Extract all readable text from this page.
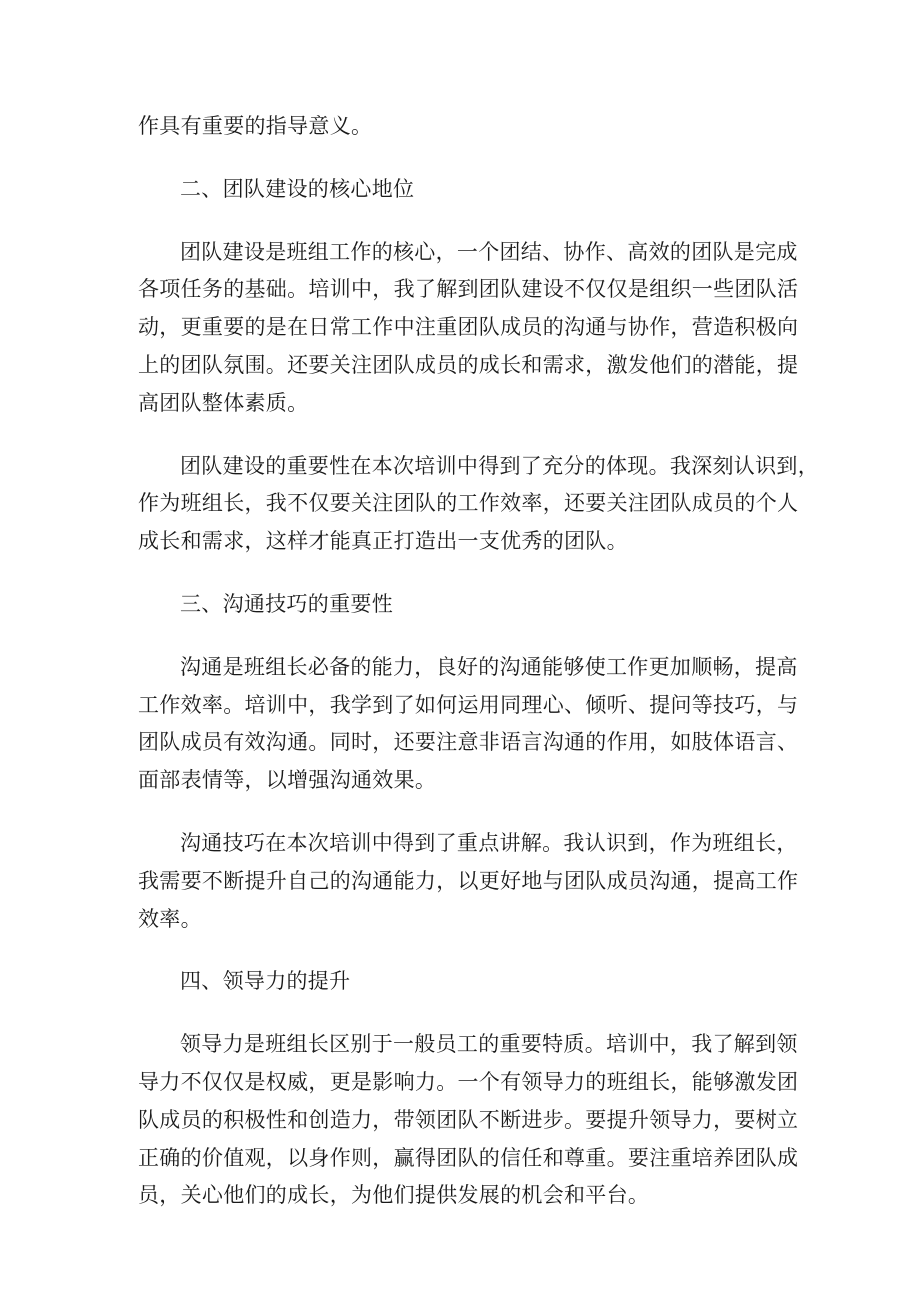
作具有重要的指导意义。
二、团队建设的核心地位
团队建设是班组工作的核心，一个团结、协作、高效的团队是完成
各项任务的基础。培训中，我了解到团队建设不仅仅是组织一些团队活
动，更重要的是在日常工作中注重团队成员的沟通与协作，营造积极向
上的团队氛围。还要关注团队成员的成长和需求，激发他们的潜能，提
高团队整体素质。
团队建设的重要性在本次培训中得到了充分的体现。我深刻认识到，
作为班组长，我不仅要关注团队的工作效率，还要关注团队成员的个人
成长和需求，这样才能真正打造出一支优秀的团队。
三、沟通技巧的重要性
沟通是班组长必备的能力，良好的沟通能够使工作更加顺畅，提高
工作效率。培训中，我学到了如何运用同理心、倾听、提问等技巧，与
团队成员有效沟通。同时，还要注意非语言沟通的作用，如肢体语言、
面部表情等，以增强沟通效果。
沟通技巧在本次培训中得到了重点讲解。我认识到，作为班组长，
我需要不断提升自己的沟通能力，以更好地与团队成员沟通，提高工作
效率。
四、领导力的提升
领导力是班组长区别于一般员工的重要特质。培训中，我了解到领
导力不仅仅是权威，更是影响力。一个有领导力的班组长，能够激发团
队成员的积极性和创造力，带领团队不断进步。要提升领导力，要树立
正确的价值观，以身作则，赢得团队的信任和尊重。要注重培养团队成
员，关心他们的成长，为他们提供发展的机会和平台。
